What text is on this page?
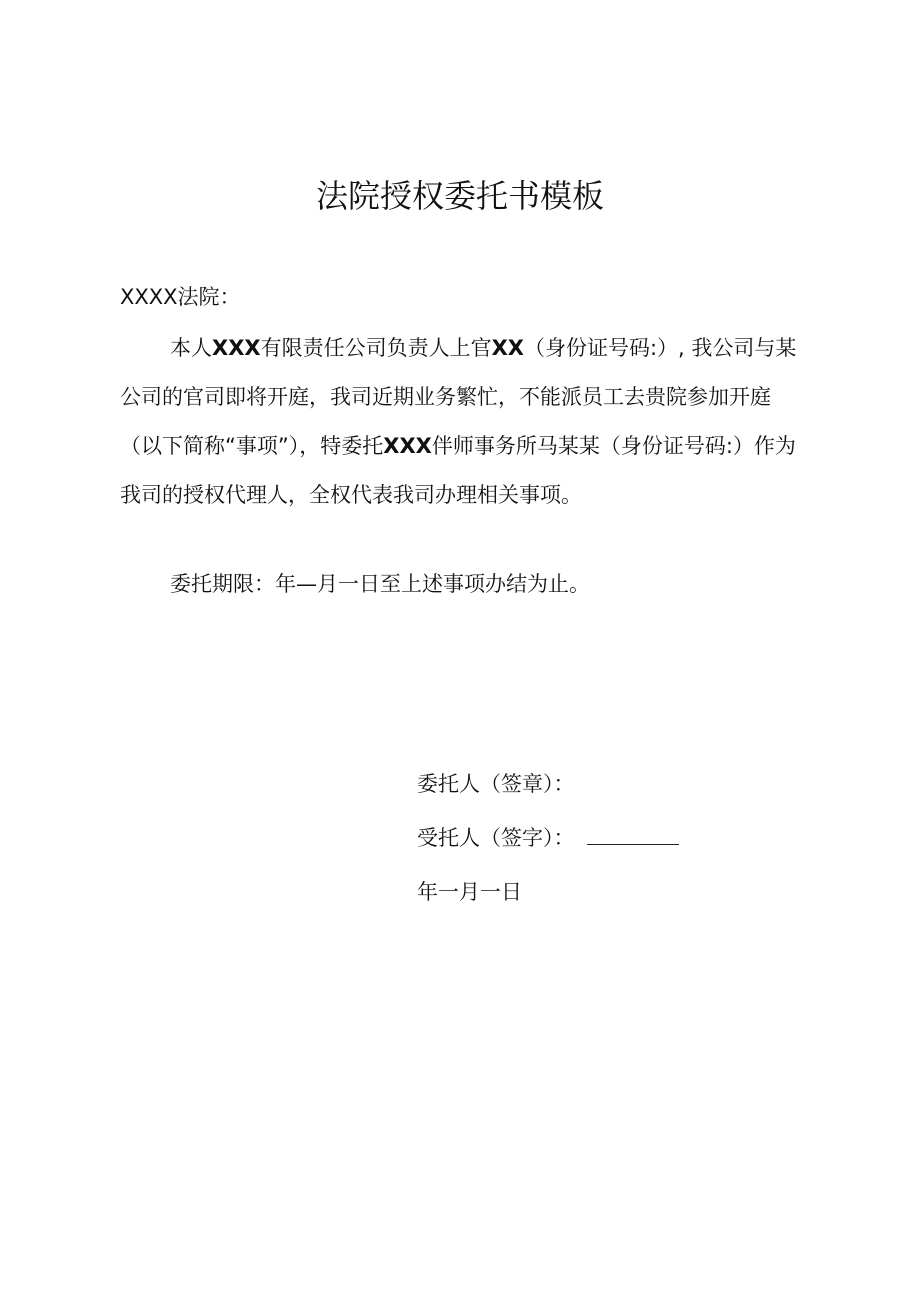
法院授权委托书模板
XXXX法院：

本人XXX有限责任公司负责人上官XX（身份证号码:）, 我公司与某公司的官司即将开庭，我司近期业务繁忙，不能派员工去贵院参加开庭（以下简称“事项”），特委托XXX伴师事务所马某某（身份证号码:）作为我司的授权代理人，全权代表我司办理相关事项。

委托期限：年—月一日至上述事项办结为止。
委托人（签章）：
受托人（签字）：
年一月一日
